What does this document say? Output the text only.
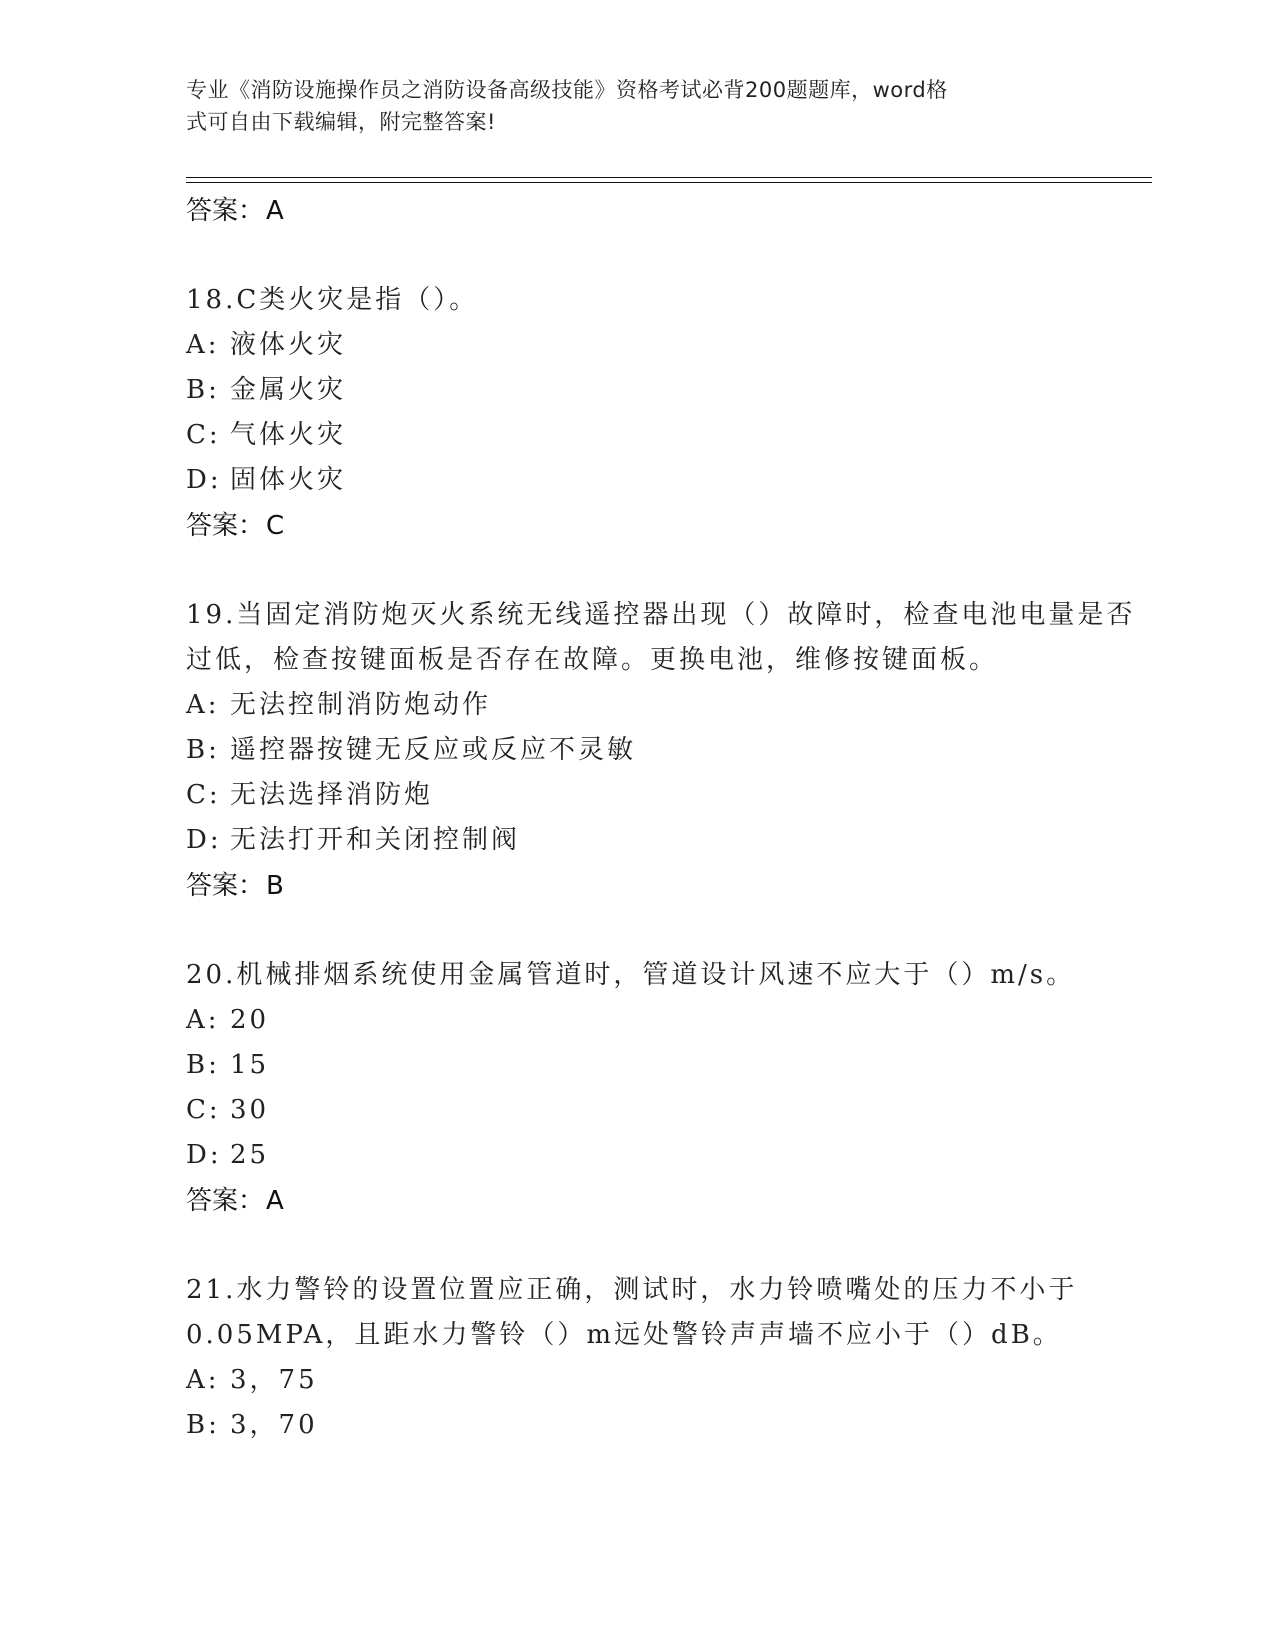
专业《消防设施操作员之消防设备高级技能》资格考试必背200题题库，word格
式可自由下载编辑，附完整答案!
答案：A

18.C类火灾是指（）。

A: 液体火灾

B: 金属火灾

C: 气体火灾

D: 固体火灾

答案：C

19.当固定消防炮灭火系统无线遥控器出现（）故障时，检查电池电量是否过低，检查按键面板是否存在故障。更换电池，维修按键面板。

A: 无法控制消防炮动作

B: 遥控器按键无反应或反应不灵敏

C: 无法选择消防炮

D: 无法打开和关闭控制阀

答案：B

20.机械排烟系统使用金属管道时，管道设计风速不应大于（）m/s。

A: 20

B: 15

C: 30

D: 25

答案：A

21.水力警铃的设置位置应正确，测试时，水力铃喷嘴处的压力不小于0.05MPA，且距水力警铃（）m远处警铃声声墙不应小于（）dB。

A: 3，75

B: 3，70
